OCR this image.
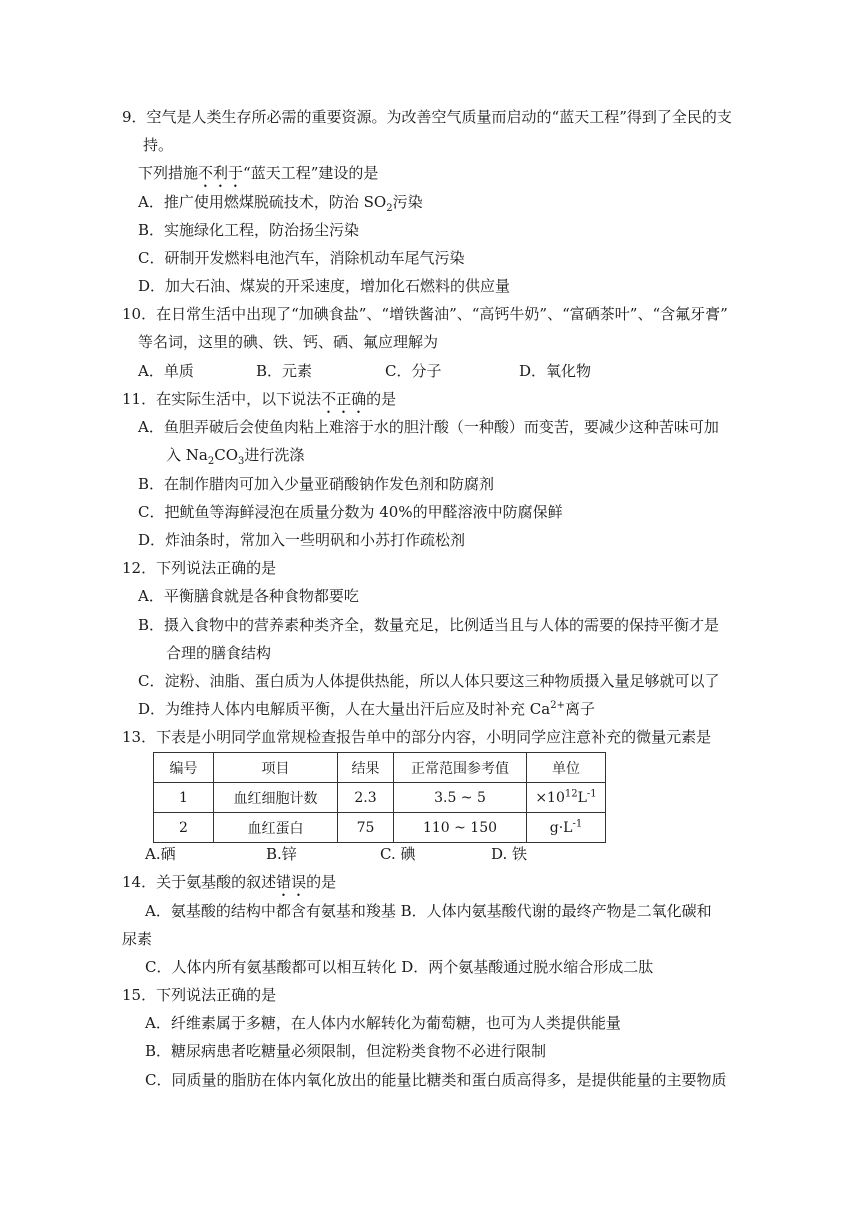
9．空气是人类生存所必需的重要资源。为改善空气质量而启动的“蓝天工程”得到了全民的支
持。
下列措施不利于“蓝天工程”建设的是
A．推广使用燃煤脱硫技术，防治 $SO_2$污染
B．实施绿化工程，防治扬尘污染
C．研制开发燃料电池汽车，消除机动车尾气污染
D．加大石油、煤炭的开采速度，增加化石燃料的供应量
10．在日常生活中出现了“加碘食盐”、“增铁酱油”、“高钙牛奶”、“富硒茶叶”、“含氟牙膏”
等名词，这里的碘、铁、钙、硒、氟应理解为
A．单质	B．元素	C．分子	D．氧化物
11．在实际生活中，以下说法不正确的是
A．鱼胆弄破后会使鱼肉粘上难溶于水的胆汁酸（一种酸）而变苦，要减少这种苦味可加
入 $Na_2CO_3$进行洗涤
B．在制作腊肉可加入少量亚硝酸钠作发色剂和防腐剂
C．把鱿鱼等海鲜浸泡在质量分数为 40%的甲醛溶液中防腐保鲜
D．炸油条时，常加入一些明矾和小苏打作疏松剂
12．下列说法正确的是
A．平衡膳食就是各种食物都要吃
B．摄入食物中的营养素种类齐全，数量充足，比例适当且与人体的需要的保持平衡才是
合理的膳食结构
C．淀粉、油脂、蛋白质为人体提供热能，所以人体只要这三种物质摄入量足够就可以了
D．为维持人体内电解质平衡，人在大量出汗后应及时补充 $Ca^{2+}$离子
13．下表是小明同学血常规检查报告单中的部分内容，小明同学应注意补充的微量元素是
编号	项目	结果	正常范围参考值	单位
1	血红细胞计数	2.3	3.5 ~ 5	$\times 10^{12}L^{-1}$
2	血红蛋白	75	110 ~ 150	$g\cdot L^{-1}$
A.硒	B.锌	C. 碘	D. 铁
14．关于氨基酸的叙述错误的是
A．氨基酸的结构中都含有氨基和羧基 B．人体内氨基酸代谢的最终产物是二氧化碳和
尿素
C．人体内所有氨基酸都可以相互转化 D．两个氨基酸通过脱水缩合形成二肽
15．下列说法正确的是
A．纤维素属于多糖，在人体内水解转化为葡萄糖，也可为人类提供能量
B．糖尿病患者吃糖量必须限制，但淀粉类食物不必进行限制
C．同质量的脂肪在体内氧化放出的能量比糖类和蛋白质高得多，是提供能量的主要物质
